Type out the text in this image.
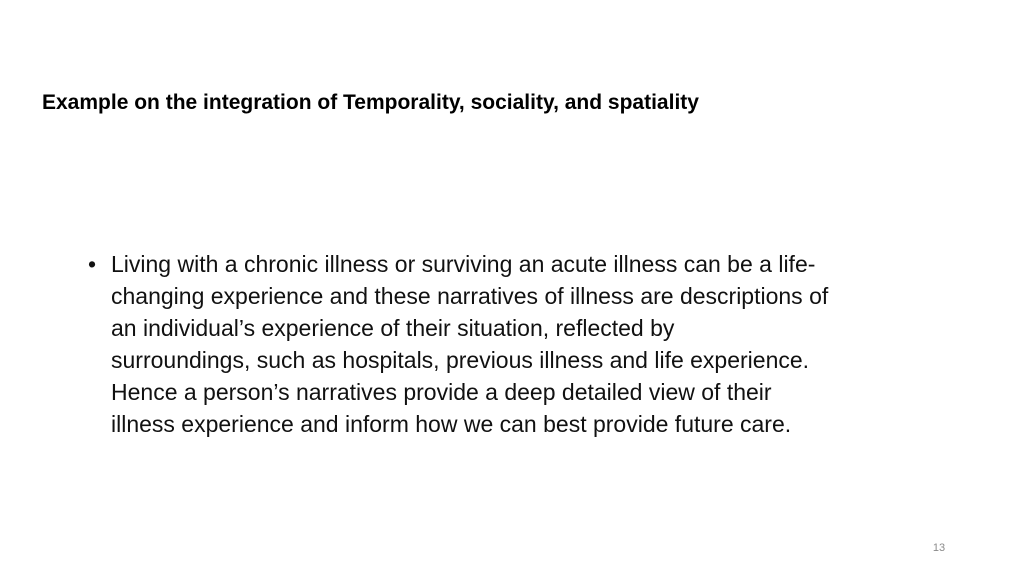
Example on the integration of Temporality, sociality, and spatiality
• Living with a chronic illness or surviving an acute illness can be a life-
changing experience and these narratives of illness are descriptions of
an individual’s experience of their situation, reflected by
surroundings, such as hospitals, previous illness and life experience.
Hence a person’s narratives provide a deep detailed view of their
illness experience and inform how we can best provide future care.
13
